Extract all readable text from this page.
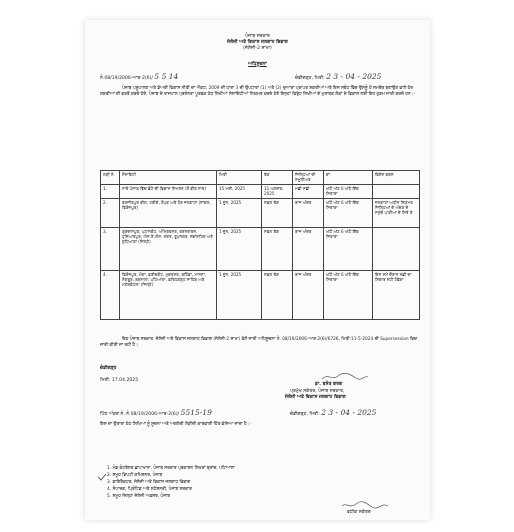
ਪੰਜਾਬ ਸਰਕਾਰ
ਜੇਲੋਜੀ ਅਤੇ ਵਿਕਾਸ ਜਲਗਾਹ ਵਿਭਾਗ
(ਜੇਲੋਜੀ-2 ਸ਼ਾਖਾ)
ਅਧਿਸੂਚਨਾ
ਨੰ.08/19/2006-ਆਰ-2(6)/ 5 5 14	ਚੰਡੀਗੜ੍ਹ, ਮਿਤੀ: 2 3 - 04 - 2025
ਪੰਜਾਬ ਪਸ਼ੂਪਾਲਣ ਅਤੇ ਡੇਅਰੀ ਵਿਕਾਸ ਨੀਤੀ ਦਾ ਐਕਟ, 2009 ਦੀ ਧਾਰਾ 3 ਦੀ ਉਪਧਾਰਾ (1) ਅਤੇ (2) ਦੁਆਰਾ ਪ੍ਰਾਪਤ ਸ਼ਕਤੀਆਂ ਅਤੇ ਇਸ ਸਬੰਧ ਵਿੱਚ ਉਸਨੂੰ ਹੋ ਸਮਰੱਥ ਬਣਾਉਣ ਵਾਲੇ ਹੋਰ ਸ਼ਕਤੀਆਂ ਦੀ ਵਰਤੋਂ ਕਰਦੇ ਹੋਏ, ਪੰਜਾਬ ਦੇ ਰਾਜਪਾਲ ਪ੍ਰਸੰਨਤਾ ਪੂਰਵਕ ਹੇਠ ਲਿਖੀਆਂ ਸੋਸਾਇਟੀਆਂ ਨਿਯਮਤ ਕਰਦੇ ਹੋਏ ਇਨ੍ਹਾਂ ਵਿਰੁੱਧ ਲਿਖੀਆਂ ਦੇ ਮੁਤਾਬਕ ਲੋਕਾਂ ਦੇ ਵਿਕਾਸ ਲਈ ਇਹ ਹੁਕਮ ਜਾਰੀ ਕਰਦੇ ਹਨ :-
ਲੜੀ ਨੰ.	ਸੋਸਾਇਟੀ	ਮਿਤੀ	ਤੱਕ	ਜਿਲ੍ਹਿਆਂ ਦੀ ਸ਼ਮੂਲੀਅਤ	ਥਾਂ	ਵਿਸ਼ੇਸ਼ ਕਥਨ
1.	ਸਾਰੇ ਪੰਜਾਬ ਵਿੱਚ ਛੋਟੇ ਦੀ ਵਿਕਾਸ ਸਿਮਰਨ (ਤੋਂ ਵੀਰ ਸਾਰ)	15 ਮਈ, 2025	31 ਅਗਸਤ, 2025	ਮਛੀ ਮੱਛੀ	ਅੱਠੋਂ ਅੱਠ 6 ਅੱਠੋਂ ਇੱਕ ਸਿਤਾਰਾ	
2.	ਰਣਜੀਤਪੁਰ ਝੀਲ, ਹਰੀਕੇ, ਰੋਪੜ ਅਤੇ ਹੋਰ ਜਲਗਾਹਾਂ (ਨਾਂਗਲ, ਫਿਰੋਜ਼ਪੁਰ)	1 ਜੂਨ, 2025	ਸਫਲ ਤੱਕ	ਰਾਜ ਅੰਦਰ	ਅੱਠੋਂ ਅੱਠ 6 ਅੱਠੋਂ ਇੱਕ ਸਿਤਾਰਾ	ਜਲਗਾਹਾਂ ਅਧੀਨ ਨਿਯਮਤ ਜਿਲ੍ਹਿਆਂ ਦੇ ਅੰਦਰ ਦੇ ਸਮੁੱਚੇ ਪਾਣੀਆਂ ਦੇ ਸਿਰੇ ਤੇ
3.	ਗੁਰਦਾਸਪੁਰ, ਪਠਾਨਕੋਟ, ਅੰਮ੍ਰਿਤਸਰ, ਤਰਨਤਾਰਨ, ਹੁਸ਼ਿਆਰਪੁਰ, ਐਸ.ਏ.ਐਸ. ਨਗਰ, ਰੂਪਨਗਰ, ਨਵਾਂਸ਼ਹਿਰ ਅਤੇ ਲੁਧਿਆਣਾ (ਜਿਲ੍ਹੇ)	1 ਜੂਨ, 2025	ਸਫਲ ਤੱਕ	ਰਾਜ ਅੰਦਰ	ਅੱਠੋਂ ਅੱਠ 6 ਅੱਠੋਂ ਇੱਕ ਸਿਤਾਰਾ	
4.	ਫਿਰੋਜ਼ਪੁਰ, ਮੋਗਾ, ਫ਼ਰੀਦਕੋਟ, ਮੁਕਤਸਰ, ਬਠਿੰਡਾ, ਮਾਨਸਾ, ਸੰਗਰੂਰ, ਬਰਨਾਲਾ, ਪਟਿਆਲਾ, ਫ਼ਤਿਹਗੜ੍ਹ ਸਾਹਿਬ ਅਤੇ ਮਲੇਰਕੋਟਲਾ (ਜਿਲ੍ਹੇ)	1 ਜੂਨ, 2025	ਸਫਲ ਤੱਕ	ਰਾਜ ਅੰਦਰ	ਅੱਠੋਂ ਅੱਠ 6 ਅੱਠੋਂ ਇੱਕ ਸਿਤਾਰਾ	ਇਸ ਸਮੇਂ ਦੌਰਾਨ ਮੱਛੀ ਦਾ ਸ਼ਿਕਾਰ ਨਹੀਂ ਹੋਵੇਗਾ
ਇਹ ਪੰਜਾਬ ਸਰਕਾਰ, ਜੇਲੋਜੀ ਅਤੇ ਵਿਕਾਸ ਜਲਗਾਹ ਵਿਭਾਗ (ਜੇਲੋਜੀ-2 ਸ਼ਾਖਾ) ਵੱਲੋਂ ਜਾਰੀ ਅਧਿਸੂਚਨਾ ਨੰ. 08/19/2006-ਆਰ-2(6)/6726, ਮਿਤੀ:11-5-2024 ਦੀ Supersession ਵਿਚ ਜਾਰੀ ਕੀਤੀ ਜਾ ਰਹੀ ਹੈ।
ਚੰਡੀਗੜ੍ਹ
ਮਿਤੀ: 17.04.2025
ਡਾ. ਬਸੰਤ ਗਰਗ
ਪ੍ਰਮੁੱਖ ਸਕੱਤਰ, ਪੰਜਾਬ ਸਰਕਾਰ,
ਜੇਲੋਜੀ ਅਤੇ ਵਿਕਾਸ ਜਲਗਾਹ ਵਿਭਾਗ
ਪਿੱਠ ਅੰਕਣ ਨੰ. ਨੰ.08/19/2006-ਆਰ-2(6)/ 5515-19	ਚੰਡੀਗੜ੍ਹ, ਮਿਤੀ: 2 3 - 04 - 2025
ਇਸ ਦਾ ਉਤਾਰਾ ਹੇਠ ਲਿਖਿਆਂ ਨੂੰ ਸੂਚਨਾ ਅਤੇ ਅਗਲੇਰੀ ਲੋੜੀਂਦੀ ਕਾਰਵਾਈ ਹਿੱਤ ਭੇਜਿਆ ਜਾਂਦਾ ਹੈ :-
1. ਮੰਡ ਕੰਟਰੋਲਰ ਛਾਪਾਖਾਨਾ, ਪੰਜਾਬ ਸਰਕਾਰ ਪ੍ਰਕਾਸ਼ਨ ਲਿਖਤਾਂ ਬ੍ਰਾਂਚ, ਪਟਿਆਲਾ
2. ਸਮੂਹ ਡਿਪਟੀ ਕਮਿਸ਼ਨਰ, ਪੰਜਾਬ
3. ਡਾਇਰੈਕਟਰ, ਜੇਲੋਜੀ ਅਤੇ ਵਿਕਾਸ ਜਲਗਾਹ ਵਿਭਾਗ
4. ਸੰਪਾਦਕ, ਪ੍ਰਿੰਟਿਡ ਅਤੇ ਸਟੇਸ਼ਨਰੀ, ਪੰਜਾਬ ਸਰਕਾਰ
5. ਸਮੂਹ ਜ਼ਿਲ੍ਹਾ ਜੇਲੋਜੀ ਅਫ਼ਸਰ, ਪੰਜਾਬ
ਵਧੀਕ ਸਕੱਤਰ
